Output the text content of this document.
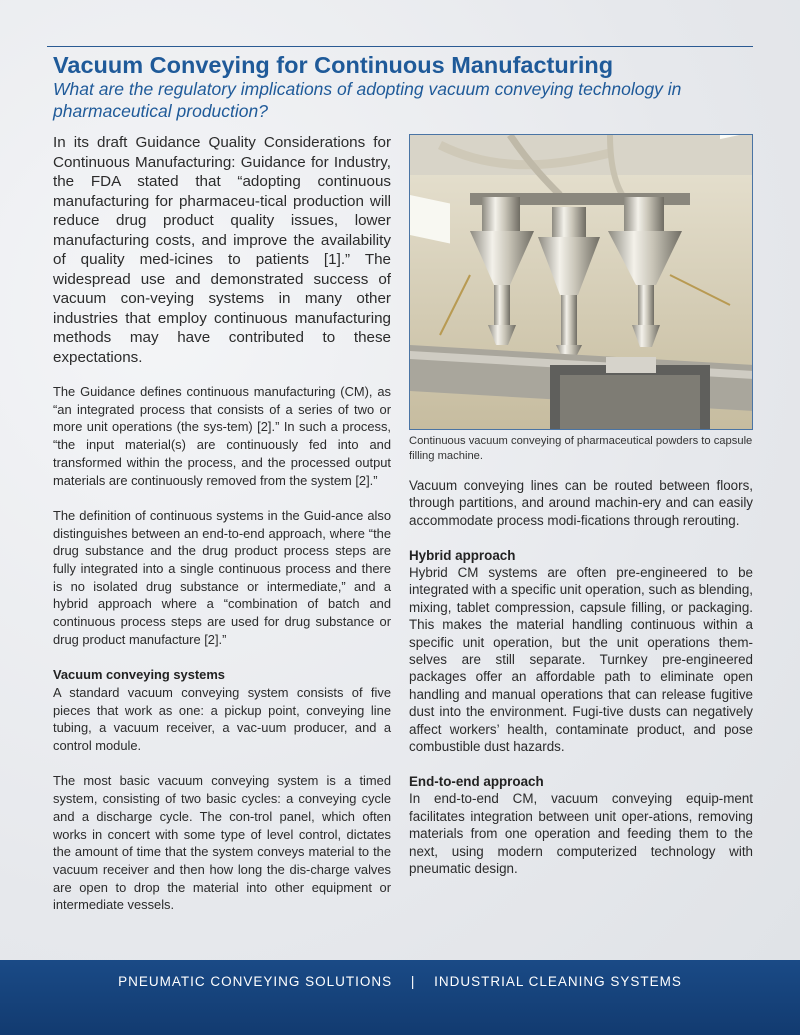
Vacuum Conveying for Continuous Manufacturing
What are the regulatory implications of adopting vacuum conveying technology in pharmaceutical production?

In its draft Guidance Quality Considerations for Continuous Manufacturing: Guidance for Industry, the FDA stated that “adopting continuous manufacturing for pharmaceu-tical production will reduce drug product quality issues, lower manufacturing costs, and improve the availability of quality med-icines to patients [1].” The widespread use and demonstrated success of vacuum con-veying systems in many other industries that employ continuous manufacturing methods may have contributed to these expectations.

The Guidance defines continuous manufacturing (CM), as “an integrated process that consists of a series of two or more unit operations (the sys-tem) [2].” In such a process, “the input material(s) are continuously fed into and transformed within the process, and the processed output materials are continuously removed from the system [2].”

The definition of continuous systems in the Guid-ance also distinguishes between an end-to-end approach, where “the drug substance and the drug product process steps are fully integrated into a single continuous process and there is no isolated drug substance or intermediate,” and a hybrid approach where a “combination of batch and continuous process steps are used for drug substance or drug product manufacture [2].”

Vacuum conveying systems
A standard vacuum conveying system consists of five pieces that work as one: a pickup point, conveying line tubing, a vacuum receiver, a vac-uum producer, and a control module.

The most basic vacuum conveying system is a timed system, consisting of two basic cycles: a conveying cycle and a discharge cycle. The con-trol panel, which often works in concert with some type of level control, dictates the amount of time that the system conveys material to the vacuum receiver and then how long the dis-charge valves are open to drop the material into other equipment or intermediate vessels.

Continuous vacuum conveying of pharmaceutical powders to capsule filling machine.

Vacuum conveying lines can be routed between floors, through partitions, and around machin-ery and can easily accommodate process modi-fications through rerouting.

Hybrid approach
Hybrid CM systems are often pre-engineered to be integrated with a specific unit operation, such as blending, mixing, tablet compression, capsule filling, or packaging. This makes the material handling continuous within a specific unit operation, but the unit operations them-selves are still separate. Turnkey pre-engineered packages offer an affordable path to eliminate open handling and manual operations that can release fugitive dust into the environment. Fugi-tive dusts can negatively affect workers’ health, contaminate product, and pose combustible dust hazards.

End-to-end approach
In end-to-end CM, vacuum conveying equip-ment facilitates integration between unit oper-ations, removing materials from one operation and feeding them to the next, using modern computerized technology with pneumatic design.

PNEUMATIC CONVEYING SOLUTIONS | INDUSTRIAL CLEANING SYSTEMS
